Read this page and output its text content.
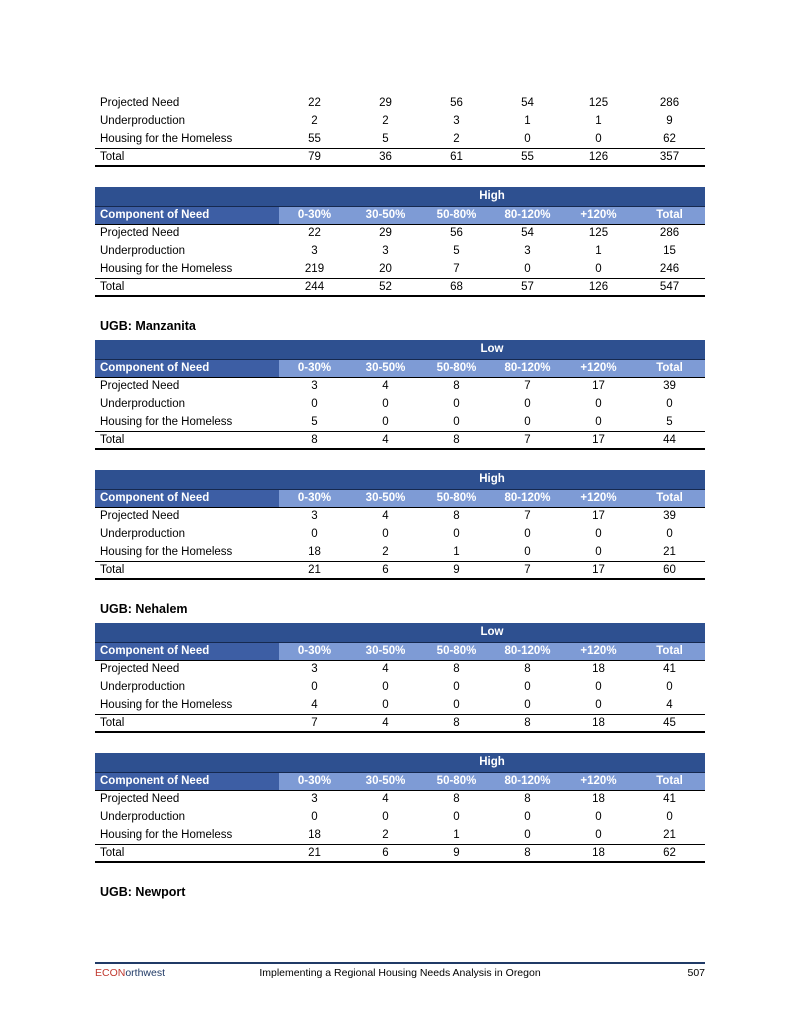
Projected Need	22	29	56	54	125	286
Underproduction	2	2	3	1	1	9
Housing for the Homeless	55	5	2	0	0	62
Total	79	36	61	55	126	357
	High					
Component of Need	0-30%	30-50%	50-80%	80-120%	+120%	Total
Projected Need	22	29	56	54	125	286
Underproduction	3	3	5	3	1	15
Housing for the Homeless	219	20	7	0	0	246
Total	244	52	68	57	126	547
UGB: Manzanita
	Low					
Component of Need	0-30%	30-50%	50-80%	80-120%	+120%	Total
Projected Need	3	4	8	7	17	39
Underproduction	0	0	0	0	0	0
Housing for the Homeless	5	0	0	0	0	5
Total	8	4	8	7	17	44
	High					
Component of Need	0-30%	30-50%	50-80%	80-120%	+120%	Total
Projected Need	3	4	8	7	17	39
Underproduction	0	0	0	0	0	0
Housing for the Homeless	18	2	1	0	0	21
Total	21	6	9	7	17	60
UGB: Nehalem
	Low					
Component of Need	0-30%	30-50%	50-80%	80-120%	+120%	Total
Projected Need	3	4	8	8	18	41
Underproduction	0	0	0	0	0	0
Housing for the Homeless	4	0	0	0	0	4
Total	7	4	8	8	18	45
	High					
Component of Need	0-30%	30-50%	50-80%	80-120%	+120%	Total
Projected Need	3	4	8	8	18	41
Underproduction	0	0	0	0	0	0
Housing for the Homeless	18	2	1	0	0	21
Total	21	6	9	8	18	62
UGB: Newport
ECONorthwest	Implementing a Regional Housing Needs Analysis in Oregon	507
